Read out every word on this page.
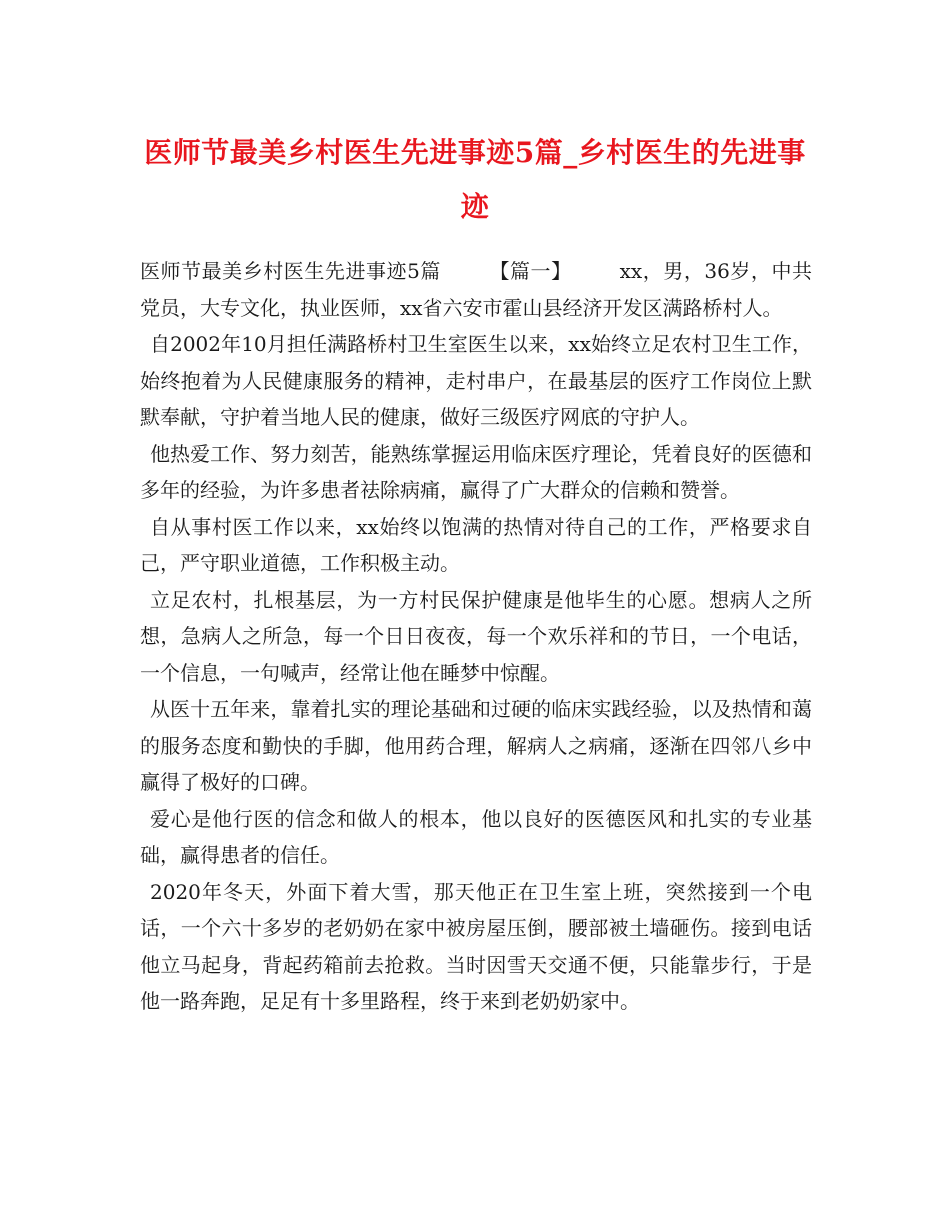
医师节最美乡村医生先进事迹5篇_乡村医生的先进事迹

医师节最美乡村医生先进事迹5篇 【篇一】 xx，男，36岁，中共党员，大专文化，执业医师，xx省六安市霍山县经济开发区满路桥村人。

自2002年10月担任满路桥村卫生室医生以来，xx始终立足农村卫生工作，始终抱着为人民健康服务的精神，走村串户，在最基层的医疗工作岗位上默默奉献，守护着当地人民的健康，做好三级医疗网底的守护人。

他热爱工作、努力刻苦，能熟练掌握运用临床医疗理论，凭着良好的医德和多年的经验，为许多患者祛除病痛，赢得了广大群众的信赖和赞誉。

自从事村医工作以来，xx始终以饱满的热情对待自己的工作，严格要求自己，严守职业道德，工作积极主动。

立足农村，扎根基层，为一方村民保护健康是他毕生的心愿。想病人之所想，急病人之所急，每一个日日夜夜，每一个欢乐祥和的节日，一个电话，一个信息，一句喊声，经常让他在睡梦中惊醒。

从医十五年来，靠着扎实的理论基础和过硬的临床实践经验，以及热情和蔼的服务态度和勤快的手脚，他用药合理，解病人之病痛，逐渐在四邻八乡中赢得了极好的口碑。

爱心是他行医的信念和做人的根本，他以良好的医德医风和扎实的专业基础，赢得患者的信任。

2020年冬天，外面下着大雪，那天他正在卫生室上班，突然接到一个电话，一个六十多岁的老奶奶在家中被房屋压倒，腰部被土墙砸伤。接到电话他立马起身，背起药箱前去抢救。当时因雪天交通不便，只能靠步行，于是他一路奔跑，足足有十多里路程，终于来到老奶奶家中。
